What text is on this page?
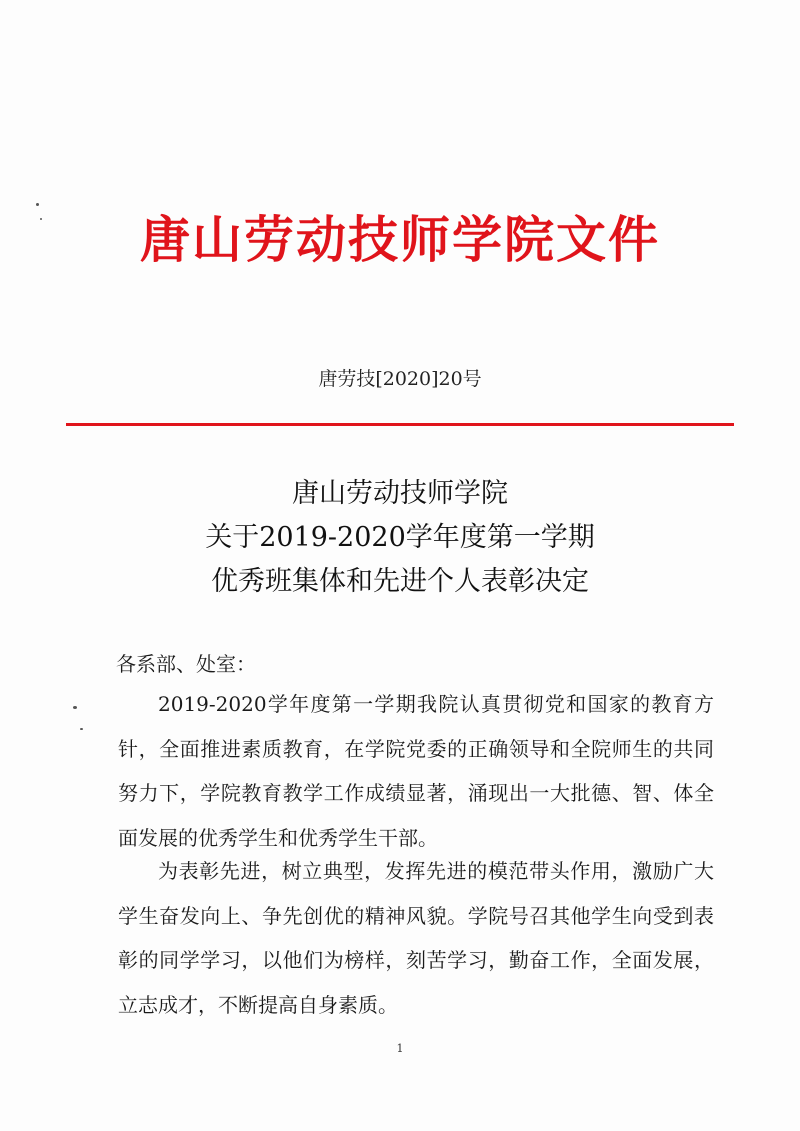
唐山劳动技师学院文件
唐劳技[2020]20号
唐山劳动技师学院
关于2019-2020学年度第一学期
优秀班集体和先进个人表彰决定
各系部、处室：
2019-2020学年度第一学期我院认真贯彻党和国家的教育方针，全面推进素质教育，在学院党委的正确领导和全院师生的共同努力下，学院教育教学工作成绩显著，涌现出一大批德、智、体全面发展的优秀学生和优秀学生干部。
为表彰先进，树立典型，发挥先进的模范带头作用，激励广大学生奋发向上、争先创优的精神风貌。学院号召其他学生向受到表彰的同学学习，以他们为榜样，刻苦学习，勤奋工作，全面发展，立志成才，不断提高自身素质。
1
